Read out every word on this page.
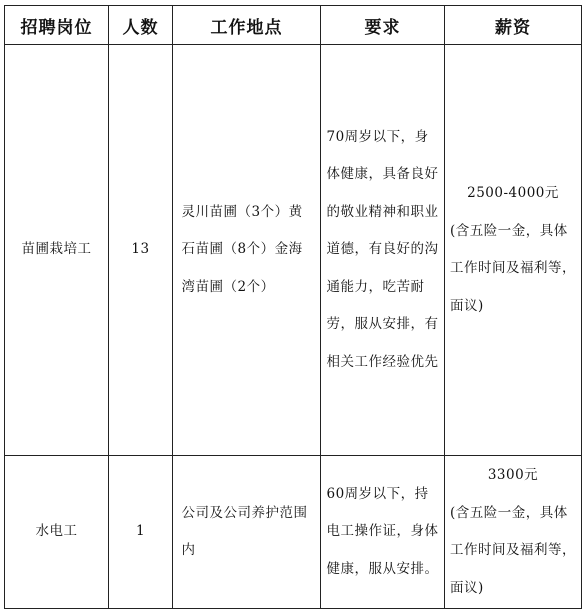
招聘岗位	人数	工作地点	要求	薪资
苗圃栽培工	13	灵川苗圃（3个）黄石苗圃（8个）金海湾苗圃（2个）	70周岁以下，身体健康，具备良好的敬业精神和职业道德，有良好的沟通能力，吃苦耐劳，服从安排，有相关工作经验优先	2500-4000元
(含五险一金，具体工作时间及福利等，面议)

水电工	1	公司及公司养护范围内	60周岁以下，持电工操作证，身体健康，服从安排。	3300元
(含五险一金，具体工作时间及福利等，面议)
